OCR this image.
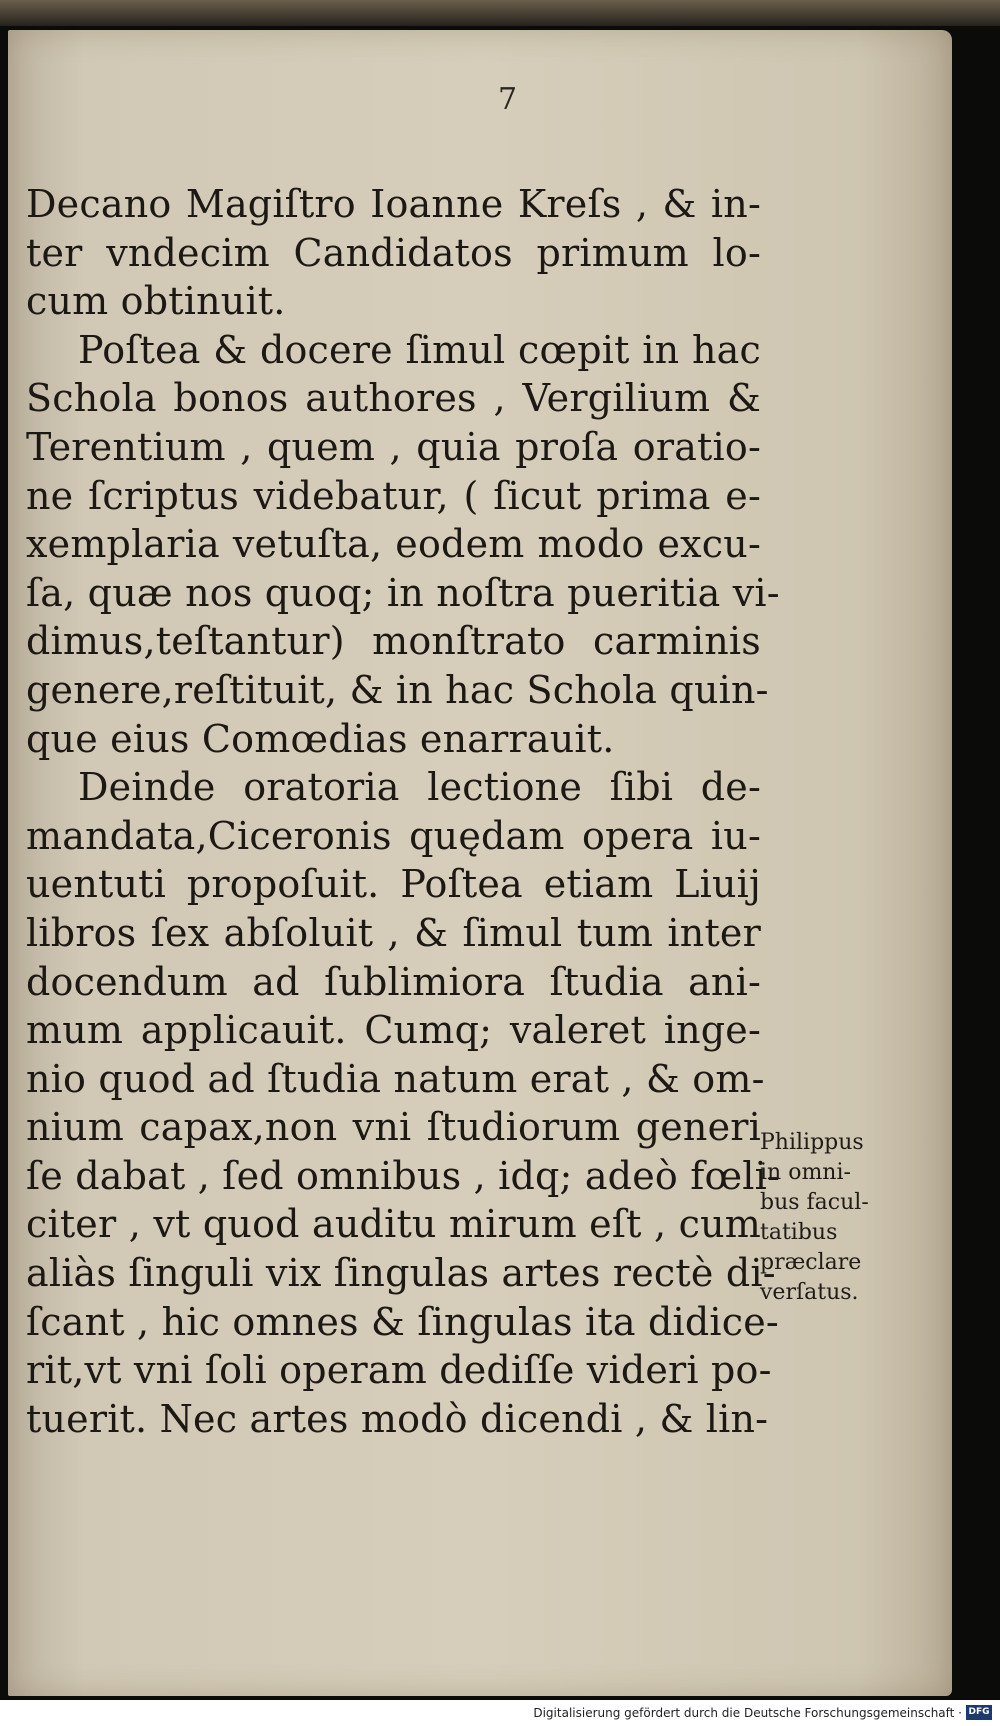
7
Decano Magiſtro Ioanne Kreſs , & in-
ter vndecim Candidatos primum lo-
cum obtinuit.
Poſtea & docere ſimul cœpit in hac
Schola bonos authores , Vergilium &
Terentium , quem , quia proſa oratio-
ne ſcriptus videbatur, ( ſicut prima e-
xemplaria vetuſta, eodem modo excu-
ſa, quæ nos quoq; in noſtra pueritia vi-
dimus,teſtantur) monſtrato carminis
genere,reſtituit, & in hac Schola quin-
que eius Comœdias enarrauit.
Deinde oratoria lectione ſibi de-
mandata,Ciceronis quędam opera iu-
uentuti propoſuit. Poſtea etiam Liuij
libros ſex abſoluit , & ſimul tum inter
docendum ad ſublimiora ſtudia ani-
mum applicauit. Cumq; valeret inge-
nio quod ad ſtudia natum erat , & om-
nium capax,non vni ſtudiorum generi
ſe dabat , ſed omnibus , idq; adeò fœli-
citer , vt quod auditu mirum eſt , cum
aliàs ſinguli vix ſingulas artes rectè di-
ſcant , hic omnes & ſingulas ita didice-
rit,vt vni ſoli operam dediſſe videri po-
tuerit. Nec artes modò dicendi , & lin-
Philippus
in omni-
bus facul-
tatibus
præclare
verſatus.
Digitalisierung gefördert durch die Deutsche Forschungsgemeinschaft · DFG
